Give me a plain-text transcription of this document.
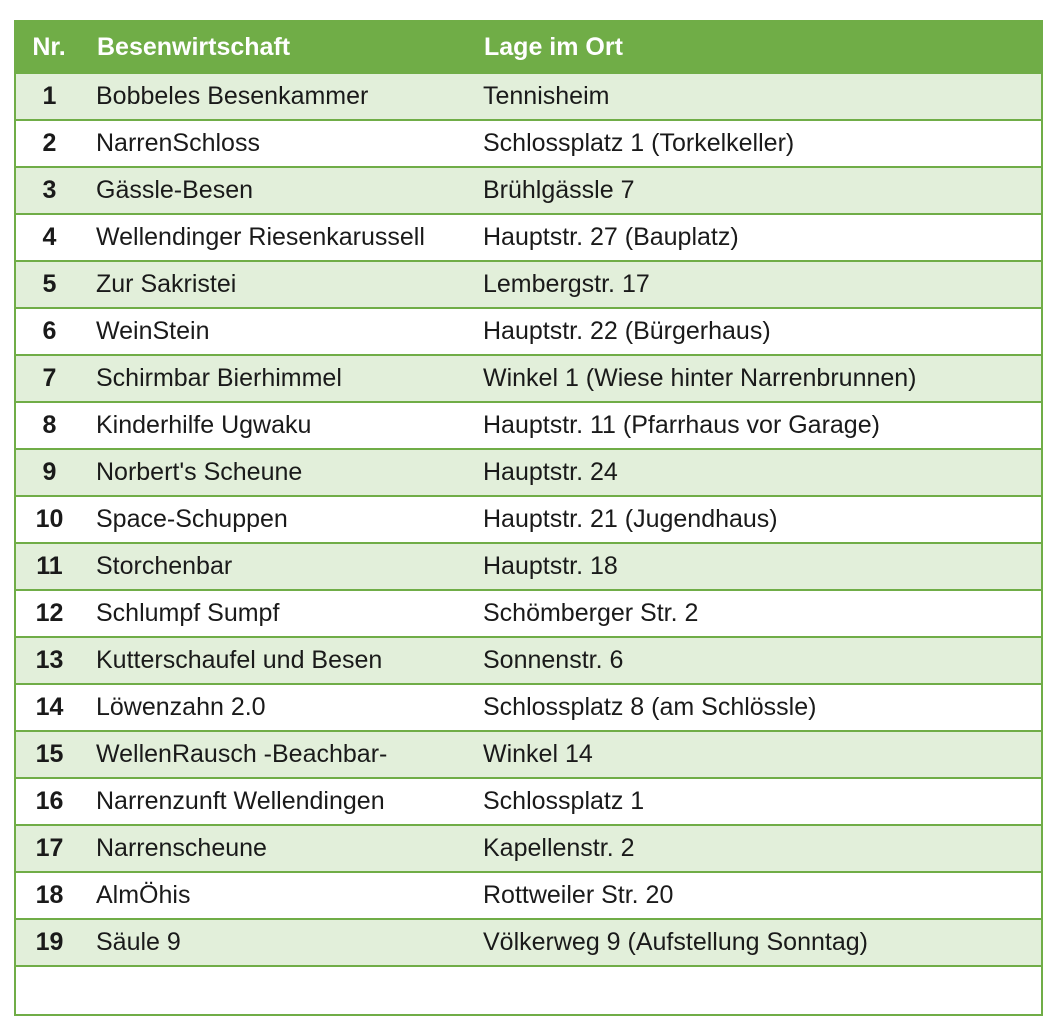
Nr.	Besenwirtschaft	Lage im Ort
1	Bobbeles Besenkammer	Tennisheim
2	NarrenSchloss	Schlossplatz 1 (Torkelkeller)
3	Gässle-Besen	Brühlgässle 7
4	Wellendinger Riesenkarussell	Hauptstr. 27 (Bauplatz)
5	Zur Sakristei	Lembergstr. 17
6	WeinStein	Hauptstr. 22 (Bürgerhaus)
7	Schirmbar Bierhimmel	Winkel 1 (Wiese hinter Narrenbrunnen)
8	Kinderhilfe Ugwaku	Hauptstr. 11 (Pfarrhaus vor Garage)
9	Norbert's Scheune	Hauptstr. 24
10	Space-Schuppen	Hauptstr. 21 (Jugendhaus)
11	Storchenbar	Hauptstr. 18
12	Schlumpf Sumpf	Schömberger Str. 2
13	Kutterschaufel und Besen	Sonnenstr. 6
14	Löwenzahn 2.0	Schlossplatz 8 (am Schlössle)
15	WellenRausch -Beachbar-	Winkel 14
16	Narrenzunft Wellendingen	Schlossplatz 1
17	Narrenscheune	Kapellenstr. 2
18	AlmÖhis	Rottweiler Str. 20
19	Säule 9	Völkerweg 9 (Aufstellung Sonntag)
